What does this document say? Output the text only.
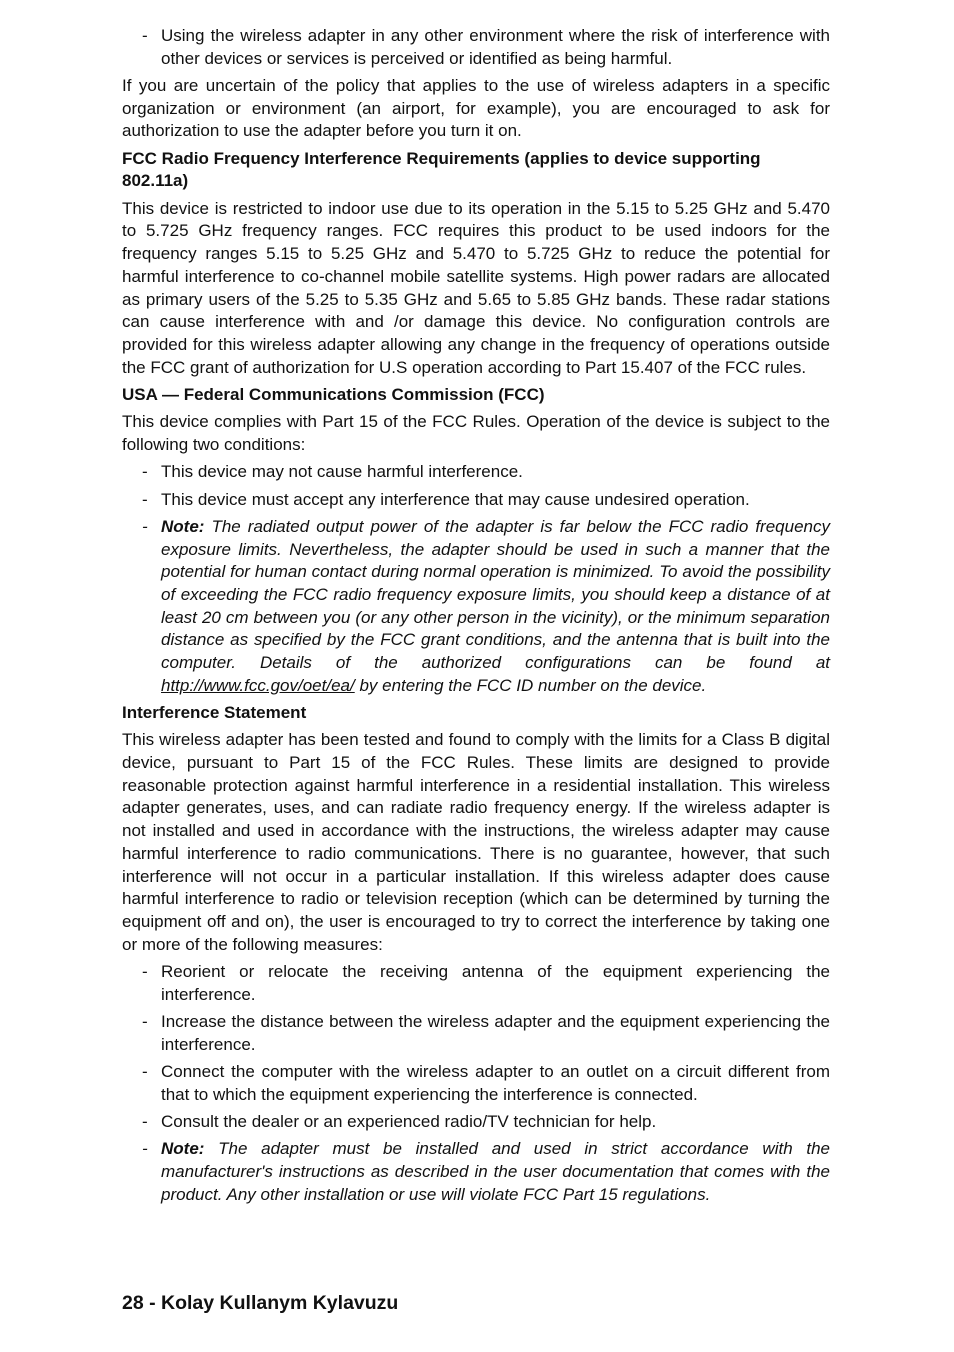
- Using the wireless adapter in any other environment where the risk of interference with other devices or services is perceived or identified as being harmful.

If you are uncertain of the policy that applies to the use of wireless adapters in a specific organization or environment (an airport, for example), you are encouraged to ask for authorization to use the adapter before you turn it on.

FCC Radio Frequency Interference Requirements (applies to device supporting 802.11a)

This device is restricted to indoor use due to its operation in the 5.15 to 5.25 GHz and 5.470 to 5.725 GHz frequency ranges. FCC requires this product to be used indoors for the frequency ranges 5.15 to 5.25 GHz and 5.470 to 5.725 GHz to reduce the potential for harmful interference to co-channel mobile satellite systems. High power radars are allocated as primary users of the 5.25 to 5.35 GHz and 5.65 to 5.85 GHz bands. These radar stations can cause interference with and /or damage this device. No configuration controls are provided for this wireless adapter allowing any change in the frequency of operations outside the FCC grant of authorization for U.S operation according to Part 15.407 of the FCC rules.

USA — Federal Communications Commission (FCC)

This device complies with Part 15 of the FCC Rules. Operation of the device is subject to the following two conditions:

- This device may not cause harmful interference.
- This device must accept any interference that may cause undesired operation.
- Note: The radiated output power of the adapter is far below the FCC radio frequency exposure limits. Nevertheless, the adapter should be used in such a manner that the potential for human contact during normal operation is minimized. To avoid the possibility of exceeding the FCC radio frequency exposure limits, you should keep a distance of at least 20 cm between you (or any other person in the vicinity), or the minimum separation distance as specified by the FCC grant conditions, and the antenna that is built into the computer. Details of the authorized configurations can be found at http://www.fcc.gov/oet/ea/ by entering the FCC ID number on the device.
Interference Statement

This wireless adapter has been tested and found to comply with the limits for a Class B digital device, pursuant to Part 15 of the FCC Rules. These limits are designed to provide reasonable protection against harmful interference in a residential installation. This wireless adapter generates, uses, and can radiate radio frequency energy. If the wireless adapter is not installed and used in accordance with the instructions, the wireless adapter may cause harmful interference to radio communications. There is no guarantee, however, that such interference will not occur in a particular installation. If this wireless adapter does cause harmful interference to radio or television reception (which can be determined by turning the equipment off and on), the user is encouraged to try to correct the interference by taking one or more of the following measures:

- Reorient or relocate the receiving antenna of the equipment experiencing the interference.
- Increase the distance between the wireless adapter and the equipment experiencing the interference.
- Connect the computer with the wireless adapter to an outlet on a circuit different from that to which the equipment experiencing the interference is connected.
- Consult the dealer or an experienced radio/TV technician for help.
- Note: The adapter must be installed and used in strict accordance with the manufacturer's instructions as described in the user documentation that comes with the product. Any other installation or use will violate FCC Part 15 regulations.
28 - Kolay Kullanym Kylavuzu
